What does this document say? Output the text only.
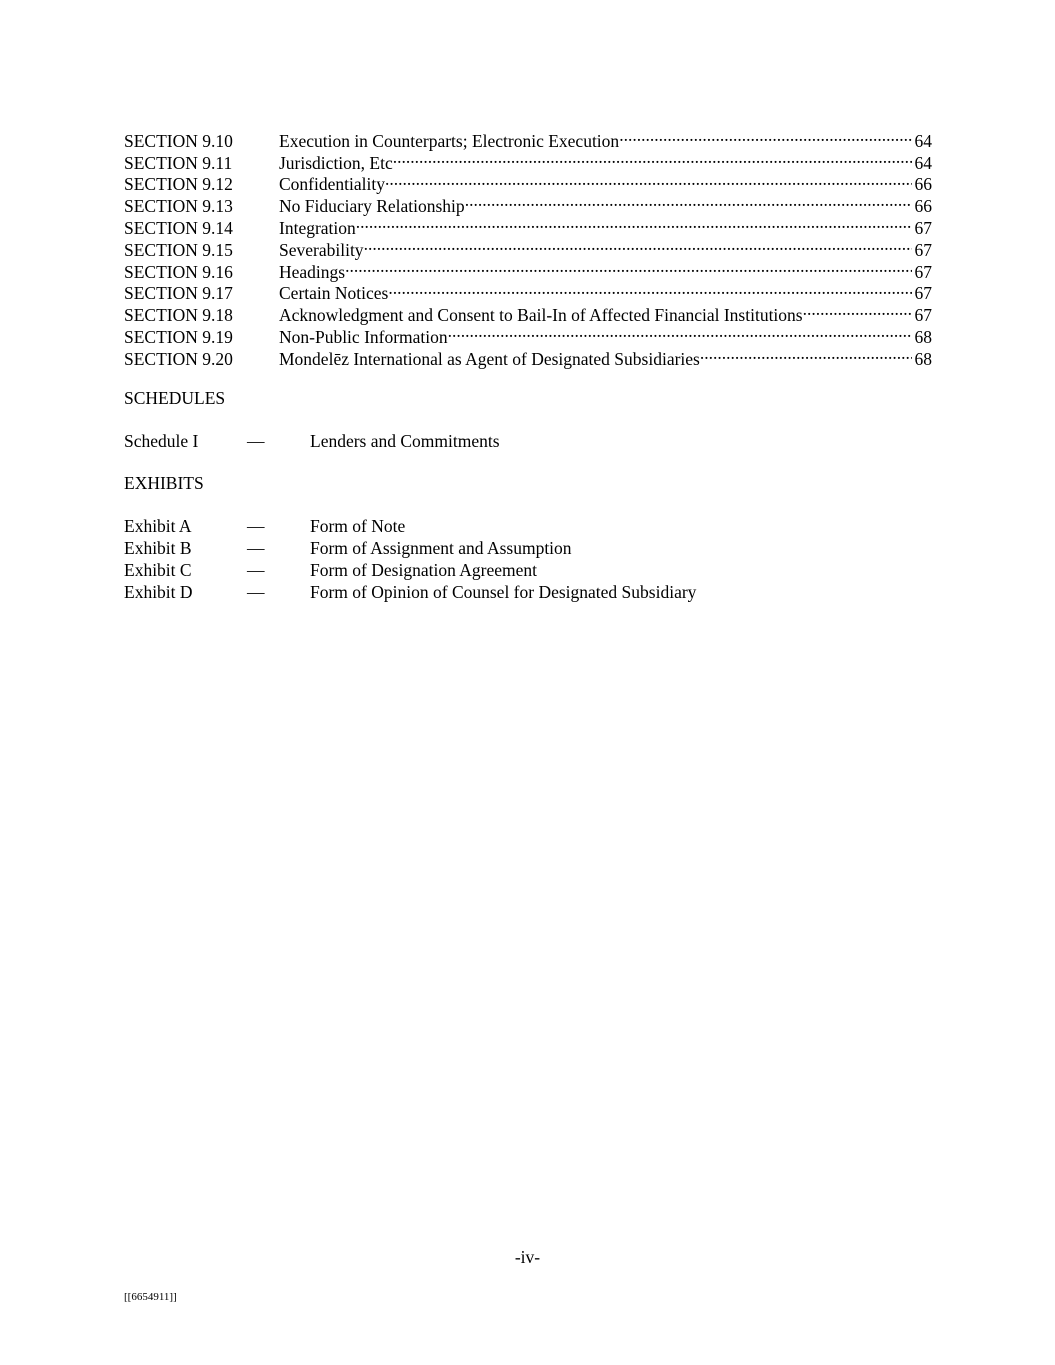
SECTION 9.10	Execution in Counterparts; Electronic Execution .....	64
SECTION 9.11	Jurisdiction, Etc .....	64
SECTION 9.12	Confidentiality .....	66
SECTION 9.13	No Fiduciary Relationship .....	66
SECTION 9.14	Integration .....	67
SECTION 9.15	Severability .....	67
SECTION 9.16	Headings .....	67
SECTION 9.17	Certain Notices .....	67
SECTION 9.18	Acknowledgment and Consent to Bail-In of Affected Financial Institutions .....	67
SECTION 9.19	Non-Public Information .....	68
SECTION 9.20	Mondelēz International as Agent of Designated Subsidiaries .....	68
SCHEDULES
Schedule I	—	Lenders and Commitments
EXHIBITS
Exhibit A	—	Form of Note
Exhibit B	—	Form of Assignment and Assumption
Exhibit C	—	Form of Designation Agreement
Exhibit D	—	Form of Opinion of Counsel for Designated Subsidiary
-iv-
[[6654911]]
